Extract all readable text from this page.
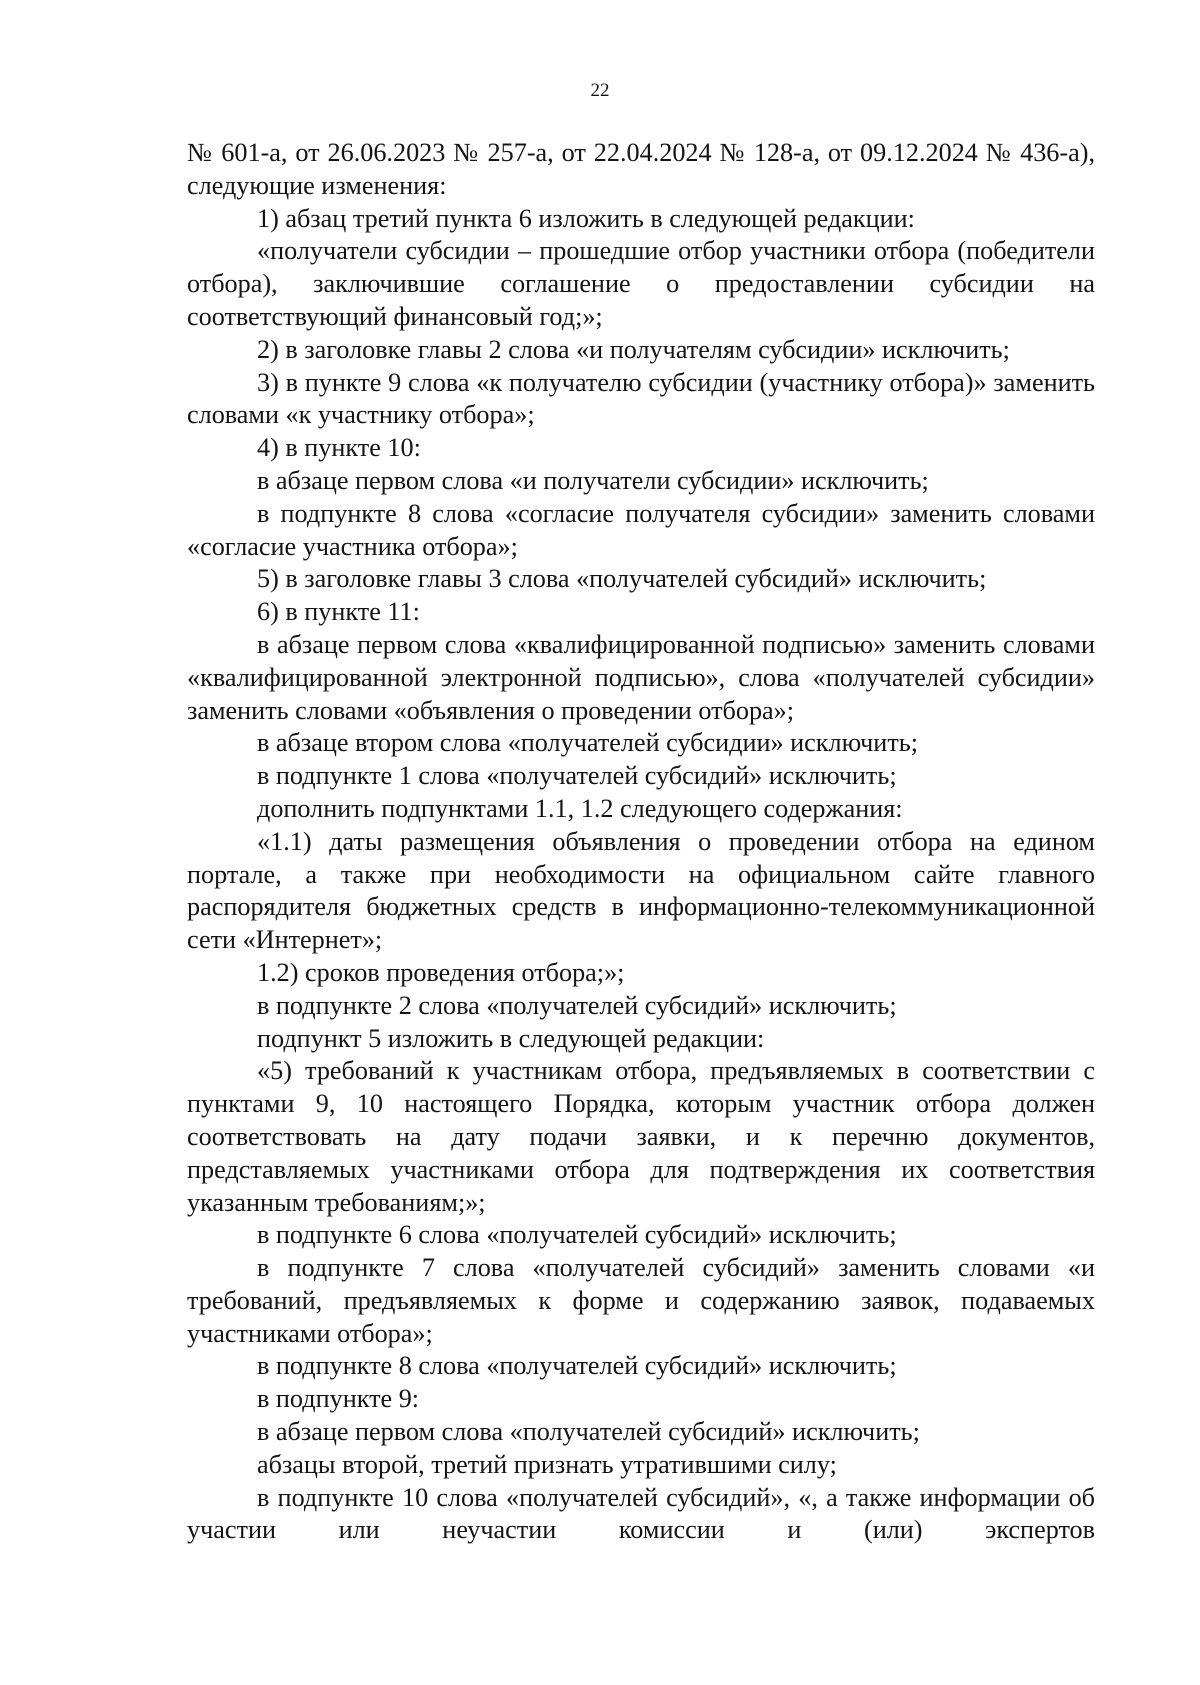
22

№ 601-а, от 26.06.2023 № 257-а, от 22.04.2024 № 128-а, от 09.12.2024 № 436-а), следующие изменения:

1) абзац третий пункта 6 изложить в следующей редакции:

«получатели субсидии – прошедшие отбор участники отбора (победители отбора), заключившие соглашение о предоставлении субсидии на соответствующий финансовый год;»;

2) в заголовке главы 2 слова «и получателям субсидии» исключить;

3) в пункте 9 слова «к получателю субсидии (участнику отбора)» заменить словами «к участнику отбора»;

4) в пункте 10:

в абзаце первом слова «и получатели субсидии» исключить;

в подпункте 8 слова «согласие получателя субсидии» заменить словами «согласие участника отбора»;

5) в заголовке главы 3 слова «получателей субсидий» исключить;

6) в пункте 11:

в абзаце первом слова «квалифицированной подписью» заменить словами «квалифицированной электронной подписью», слова «получателей субсидии» заменить словами «объявления о проведении отбора»;

в абзаце втором слова «получателей субсидии» исключить;

в подпункте 1 слова «получателей субсидий» исключить;

дополнить подпунктами 1.1, 1.2 следующего содержания:

«1.1) даты размещения объявления о проведении отбора на едином портале, а также при необходимости на официальном сайте главного распорядителя бюджетных средств в информационно-телекоммуникационной сети «Интернет»;

1.2) сроков проведения отбора;»;

в подпункте 2 слова «получателей субсидий» исключить;

подпункт 5 изложить в следующей редакции:

«5) требований к участникам отбора, предъявляемых в соответствии с пунктами 9, 10 настоящего Порядка, которым участник отбора должен соответствовать на дату подачи заявки, и к перечню документов, представляемых участниками отбора для подтверждения их соответствия указанным требованиям;»;

в подпункте 6 слова «получателей субсидий» исключить;

в подпункте 7 слова «получателей субсидий» заменить словами «и требований, предъявляемых к форме и содержанию заявок, подаваемых участниками отбора»;

в подпункте 8 слова «получателей субсидий» исключить;

в подпункте 9:

в абзаце первом слова «получателей субсидий» исключить;

абзацы второй, третий признать утратившими силу;

в подпункте 10 слова «получателей субсидий», «, а также информации об участии или неучастии комиссии и (или) экспертов
